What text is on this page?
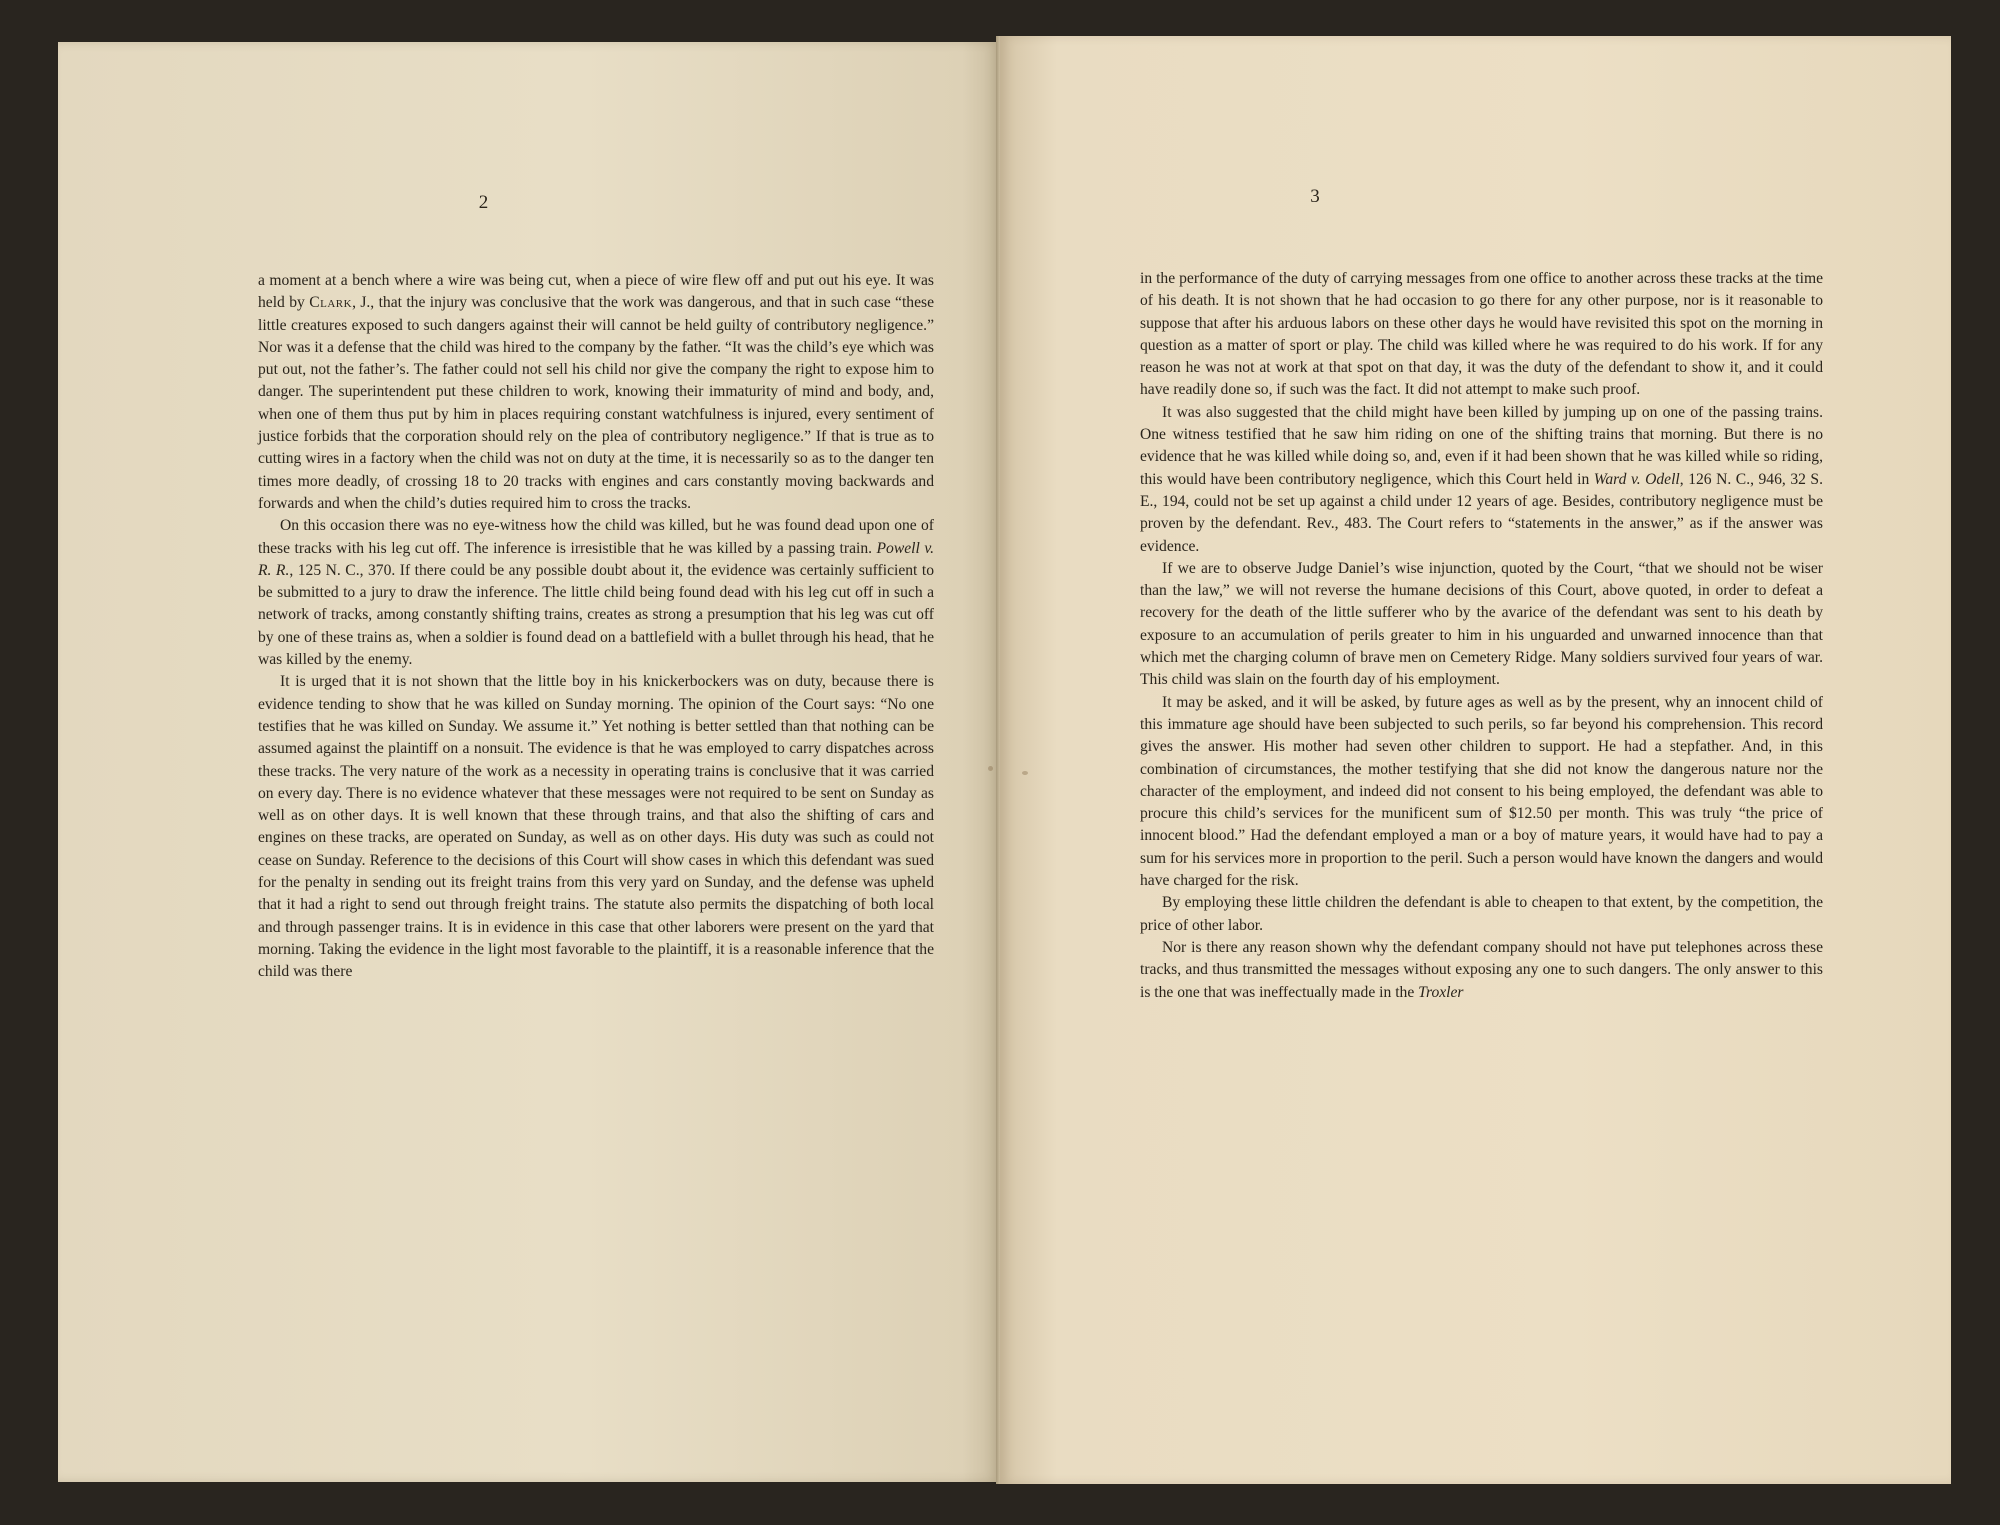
2

a moment at a bench where a wire was being cut, when a piece of wire flew off and put out his eye. It was held by Clark, J., that the injury was conclusive that the work was dangerous, and that in such case “these little creatures exposed to such dangers against their will cannot be held guilty of contributory negligence.” Nor was it a defense that the child was hired to the company by the father. “It was the child’s eye which was put out, not the father’s. The father could not sell his child nor give the company the right to expose him to danger. The superintendent put these children to work, knowing their immaturity of mind and body, and, when one of them thus put by him in places requiring constant watchfulness is injured, every sentiment of justice forbids that the corporation should rely on the plea of contributory negligence.” If that is true as to cutting wires in a factory when the child was not on duty at the time, it is necessarily so as to the danger ten times more deadly, of crossing 18 to 20 tracks with engines and cars constantly moving backwards and forwards and when the child’s duties required him to cross the tracks.

On this occasion there was no eye-witness how the child was killed, but he was found dead upon one of these tracks with his leg cut off. The inference is irresistible that he was killed by a passing train. Powell v. R. R., 125 N. C., 370. If there could be any possible doubt about it, the evidence was certainly sufficient to be submitted to a jury to draw the inference. The little child being found dead with his leg cut off in such a network of tracks, among constantly shifting trains, creates as strong a presumption that his leg was cut off by one of these trains as, when a soldier is found dead on a battlefield with a bullet through his head, that he was killed by the enemy.

It is urged that it is not shown that the little boy in his knickerbockers was on duty, because there is evidence tending to show that he was killed on Sunday morning. The opinion of the Court says: “No one testifies that he was killed on Sunday. We assume it.” Yet nothing is better settled than that nothing can be assumed against the plaintiff on a nonsuit. The evidence is that he was employed to carry dispatches across these tracks. The very nature of the work as a necessity in operating trains is conclusive that it was carried on every day. There is no evidence whatever that these messages were not required to be sent on Sunday as well as on other days. It is well known that these through trains, and that also the shifting of cars and engines on these tracks, are operated on Sunday, as well as on other days. His duty was such as could not cease on Sunday. Reference to the decisions of this Court will show cases in which this defendant was sued for the penalty in sending out its freight trains from this very yard on Sunday, and the defense was upheld that it had a right to send out through freight trains. The statute also permits the dispatching of both local and through passenger trains. It is in evidence in this case that other laborers were present on the yard that morning. Taking the evidence in the light most favorable to the plaintiff, it is a reasonable inference that the child was there

3

in the performance of the duty of carrying messages from one office to another across these tracks at the time of his death. It is not shown that he had occasion to go there for any other purpose, nor is it reasonable to suppose that after his arduous labors on these other days he would have revisited this spot on the morning in question as a matter of sport or play. The child was killed where he was required to do his work. If for any reason he was not at work at that spot on that day, it was the duty of the defendant to show it, and it could have readily done so, if such was the fact. It did not attempt to make such proof.

It was also suggested that the child might have been killed by jumping up on one of the passing trains. One witness testified that he saw him riding on one of the shifting trains that morning. But there is no evidence that he was killed while doing so, and, even if it had been shown that he was killed while so riding, this would have been contributory negligence, which this Court held in Ward v. Odell, 126 N. C., 946, 32 S. E., 194, could not be set up against a child under 12 years of age. Besides, contributory negligence must be proven by the defendant. Rev., 483. The Court refers to “statements in the answer,” as if the answer was evidence.

If we are to observe Judge Daniel’s wise injunction, quoted by the Court, “that we should not be wiser than the law,” we will not reverse the humane decisions of this Court, above quoted, in order to defeat a recovery for the death of the little sufferer who by the avarice of the defendant was sent to his death by exposure to an accumulation of perils greater to him in his unguarded and unwarned innocence than that which met the charging column of brave men on Cemetery Ridge. Many soldiers survived four years of war. This child was slain on the fourth day of his employment.

It may be asked, and it will be asked, by future ages as well as by the present, why an innocent child of this immature age should have been subjected to such perils, so far beyond his comprehension. This record gives the answer. His mother had seven other children to support. He had a stepfather. And, in this combination of circumstances, the mother testifying that she did not know the dangerous nature nor the character of the employment, and indeed did not consent to his being employed, the defendant was able to procure this child’s services for the munificent sum of $12.50 per month. This was truly “the price of innocent blood.” Had the defendant employed a man or a boy of mature years, it would have had to pay a sum for his services more in proportion to the peril. Such a person would have known the dangers and would have charged for the risk.

By employing these little children the defendant is able to cheapen to that extent, by the competition, the price of other labor.

Nor is there any reason shown why the defendant company should not have put telephones across these tracks, and thus transmitted the messages without exposing any one to such dangers. The only answer to this is the one that was ineffectually made in the Troxler
